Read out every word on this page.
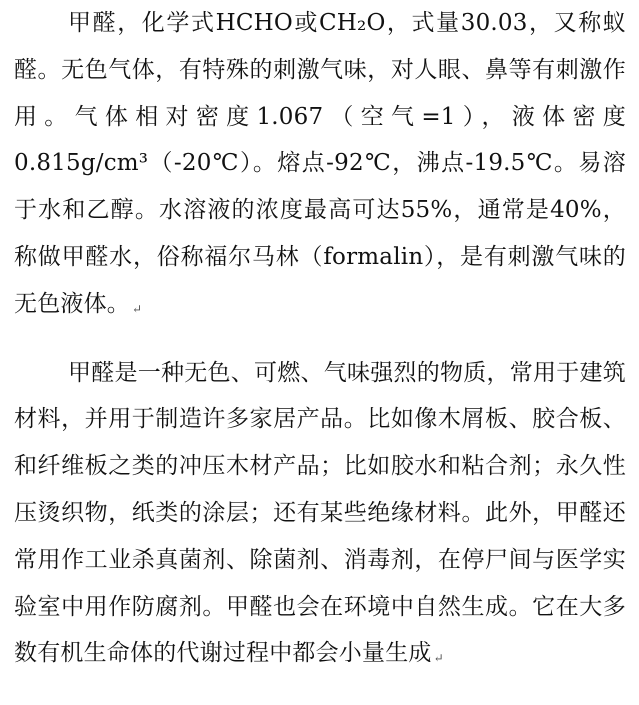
甲醛，化学式HCHO或CH₂O，式量30.03，又称蚁醛。无色气体，有特殊的刺激气味，对人眼、鼻等有刺激作用。气体相对密度1.067（空气=1），液体密度0.815g/cm³（-20℃）。熔点-92℃，沸点-19.5℃。易溶于水和乙醇。水溶液的浓度最高可达55%，通常是40%，称做甲醛水，俗称福尔马林（formalin），是有刺激气味的无色液体。 ↵

甲醛是一种无色、可燃、气味强烈的物质，常用于建筑材料，并用于制造许多家居产品。比如像木屑板、胶合板、和纤维板之类的冲压木材产品；比如胶水和粘合剂；永久性压烫织物，纸类的涂层；还有某些绝缘材料。此外，甲醛还常用作工业杀真菌剂、除菌剂、消毒剂，在停尸间与医学实验室中用作防腐剂。甲醛也会在环境中自然生成。它在大多数有机生命体的代谢过程中都会小量生成 ↵
